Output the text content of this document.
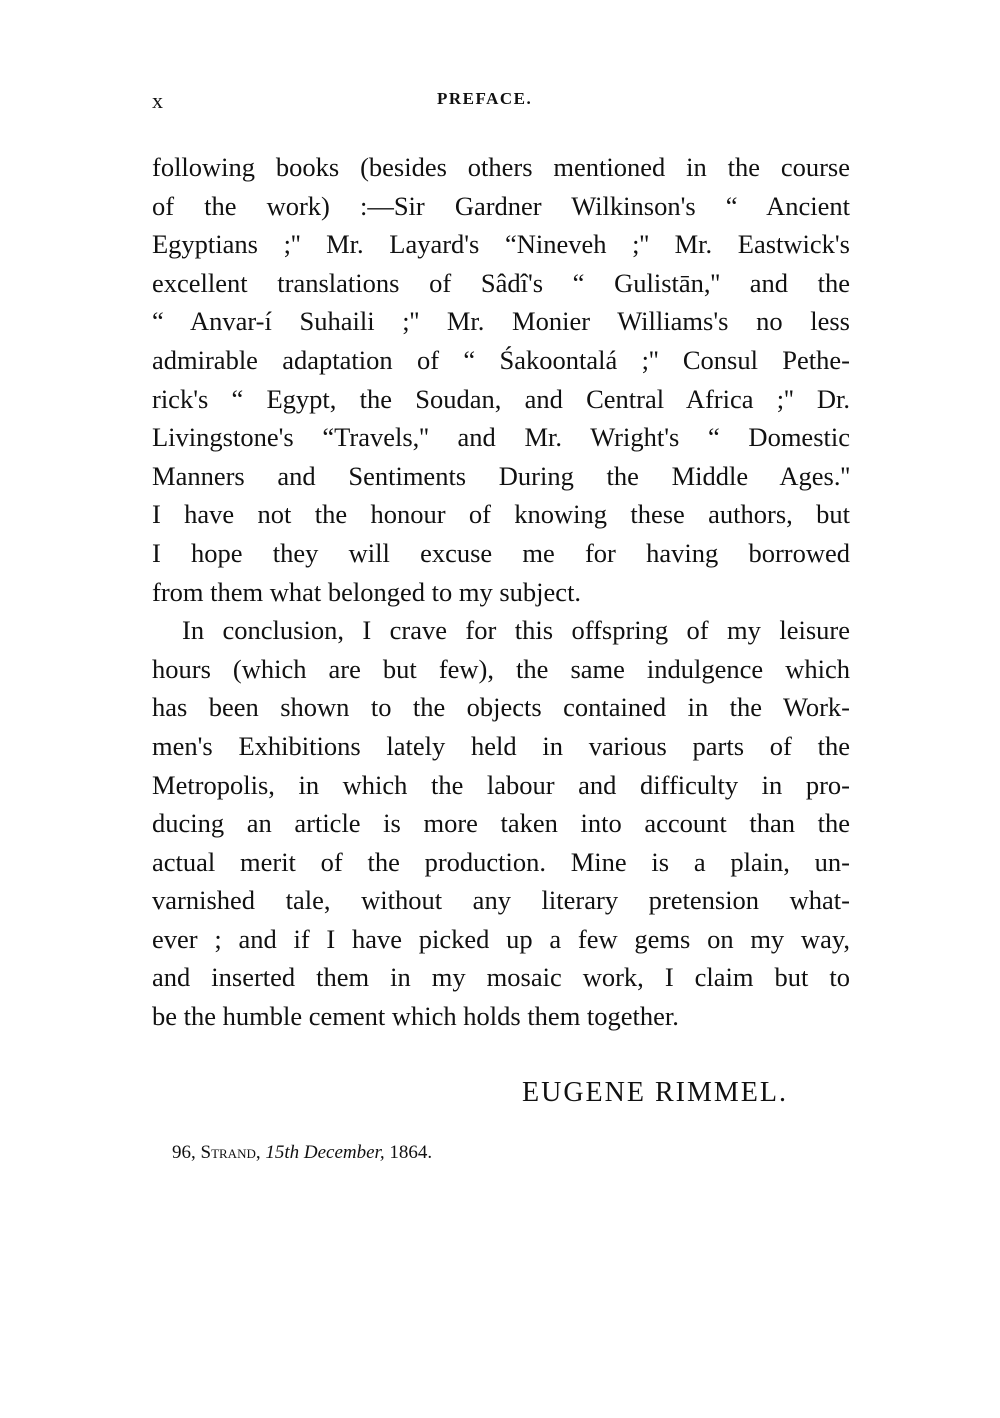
x	PREFACE.
following books (besides others mentioned in the course
of the work) :—Sir Gardner Wilkinson's “ Ancient
Egyptians ;'' Mr. Layard's “Nineveh ;'' Mr. Eastwick's
excellent translations of Sâdî's “ Gulistān,'' and the
“ Anvar-í Suhaili ;'' Mr. Monier Williams's no less
admirable adaptation of “ Śakoontalá ;'' Consul Pethe-
rick's “ Egypt, the Soudan, and Central Africa ;'' Dr.
Livingstone's “Travels,'' and Mr. Wright's “ Domestic
Manners and Sentiments During the Middle Ages.''
I have not the honour of knowing these authors, but
I hope they will excuse me for having borrowed
from them what belonged to my subject.
In conclusion, I crave for this offspring of my leisure
hours (which are but few), the same indulgence which
has been shown to the objects contained in the Work-
men's Exhibitions lately held in various parts of the
Metropolis, in which the labour and difficulty in pro-
ducing an article is more taken into account than the
actual merit of the production. Mine is a plain, un-
varnished tale, without any literary pretension what-
ever ; and if I have picked up a few gems on my way,
and inserted them in my mosaic work, I claim but to
be the humble cement which holds them together.
EUGENE RIMMEL.
96, Strand, 15th December, 1864.
